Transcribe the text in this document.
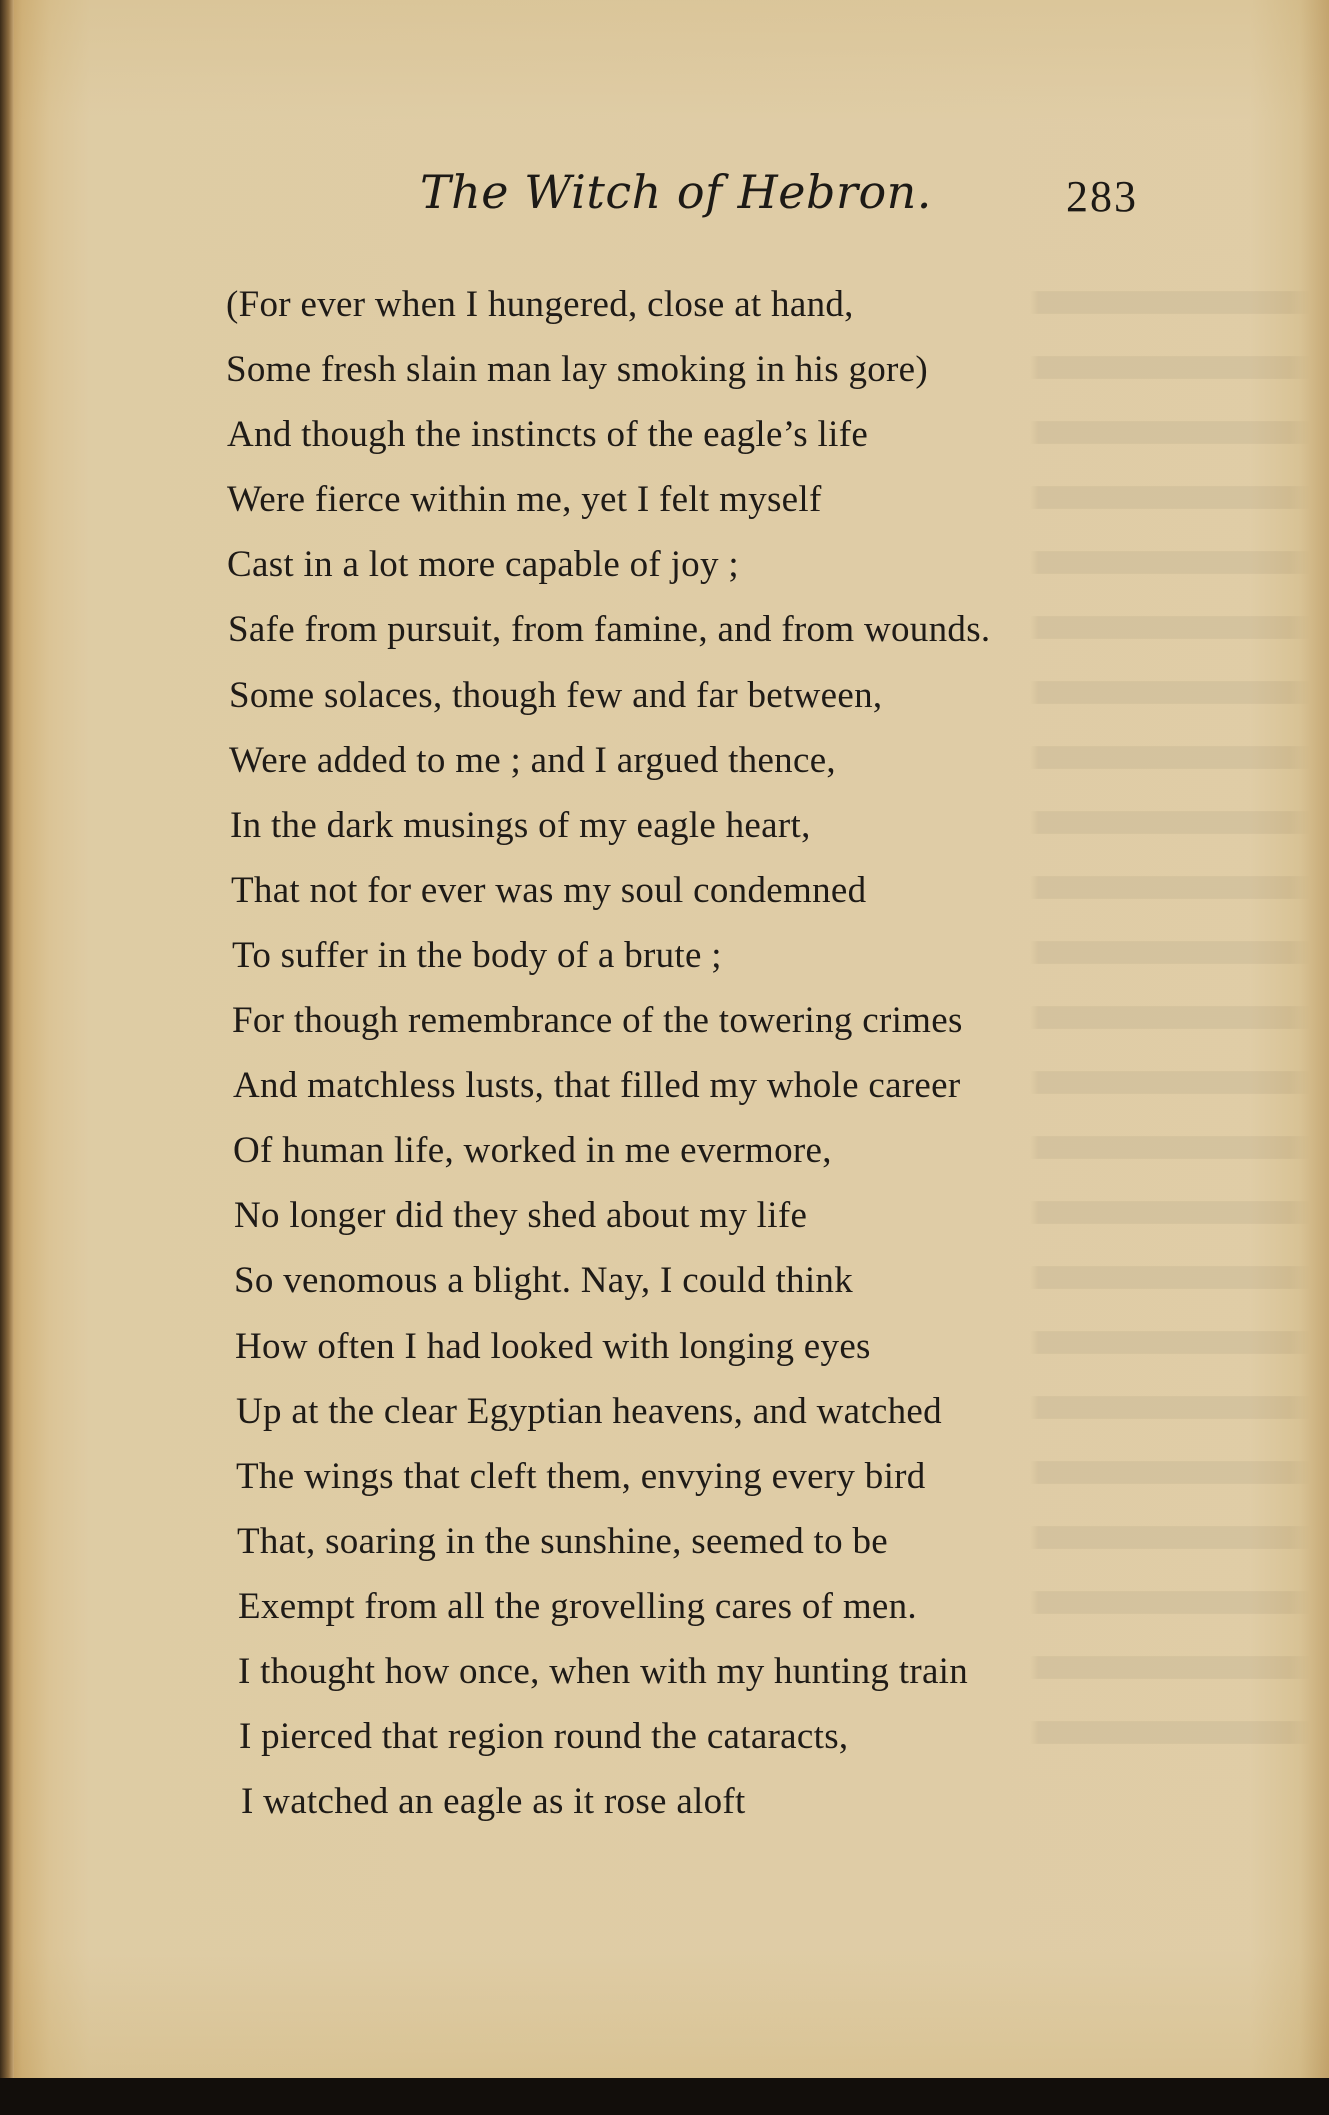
The Witch of Hebron.	283
(For ever when I hungered, close at hand,
Some fresh slain man lay smoking in his gore)
And though the instincts of the eagle’s life
Were fierce within me, yet I felt myself
Cast in a lot more capable of joy ;
Safe from pursuit, from famine, and from wounds.
Some solaces, though few and far between,
Were added to me ; and I argued thence,
In the dark musings of my eagle heart,
That not for ever was my soul condemned
To suffer in the body of a brute ;
For though remembrance of the towering crimes
And matchless lusts, that filled my whole career
Of human life, worked in me evermore,
No longer did they shed about my life
So venomous a blight. Nay, I could think
How often I had looked with longing eyes
Up at the clear Egyptian heavens, and watched
The wings that cleft them, envying every bird
That, soaring in the sunshine, seemed to be
Exempt from all the grovelling cares of men.
I thought how once, when with my hunting train
I pierced that region round the cataracts,
I watched an eagle as it rose aloft
